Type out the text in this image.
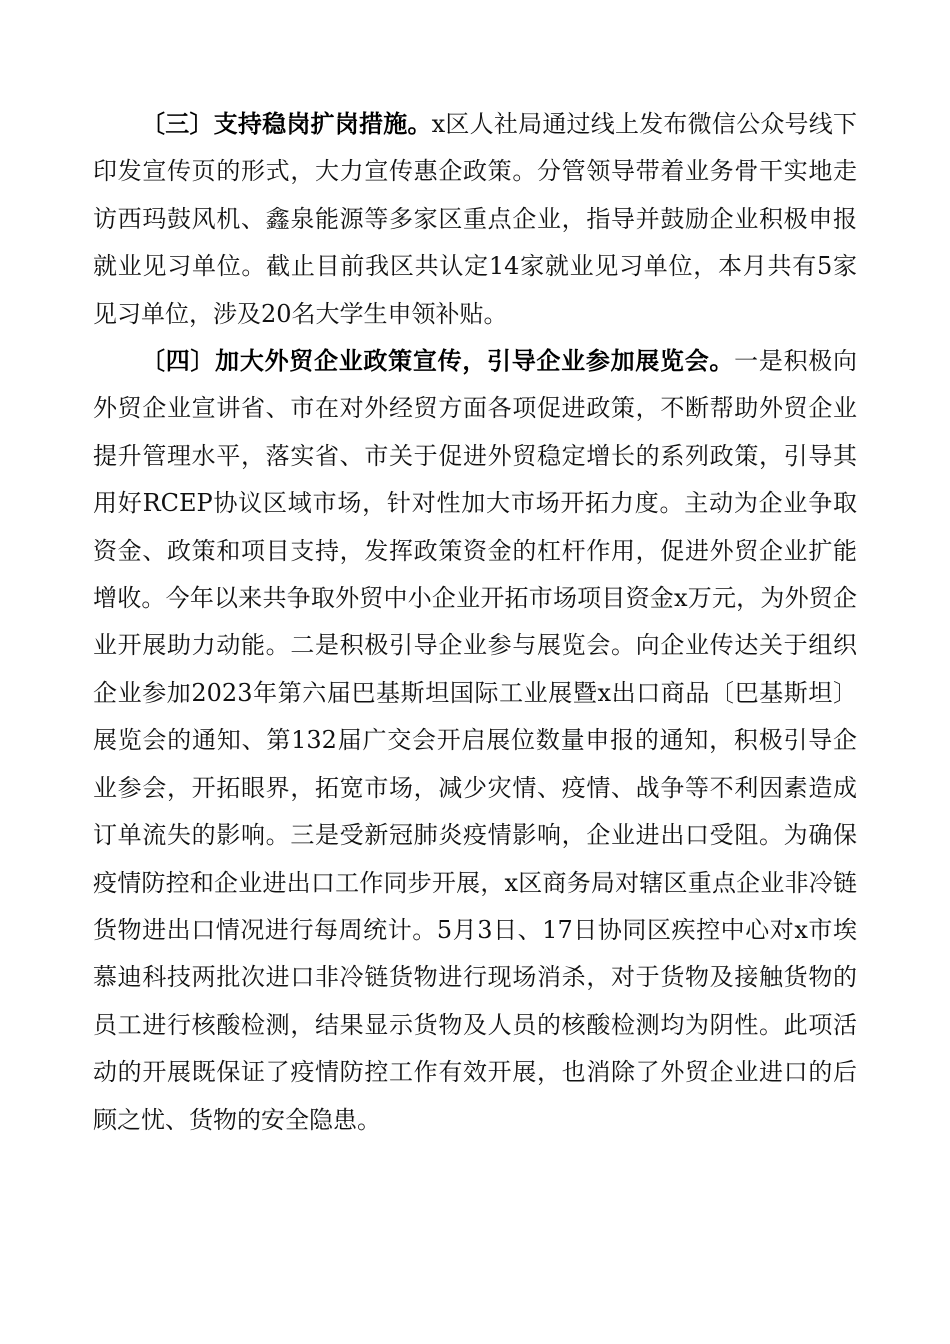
〔三〕支持稳岗扩岗措施。x区人社局通过线上发布微信公众号线下印发宣传页的形式，大力宣传惠企政策。分管领导带着业务骨干实地走访西玛鼓风机、鑫泉能源等多家区重点企业，指导并鼓励企业积极申报就业见习单位。截止目前我区共认定14家就业见习单位，本月共有5家见习单位，涉及20名大学生申领补贴。

〔四〕加大外贸企业政策宣传，引导企业参加展览会。一是积极向外贸企业宣讲省、市在对外经贸方面各项促进政策，不断帮助外贸企业提升管理水平，落实省、市关于促进外贸稳定增长的系列政策，引导其用好RCEP协议区域市场，针对性加大市场开拓力度。主动为企业争取资金、政策和项目支持，发挥政策资金的杠杆作用，促进外贸企业扩能增收。今年以来共争取外贸中小企业开拓市场项目资金x万元，为外贸企业开展助力动能。二是积极引导企业参与展览会。向企业传达关于组织企业参加2023年第六届巴基斯坦国际工业展暨x出口商品〔巴基斯坦〕展览会的通知、第132届广交会开启展位数量申报的通知，积极引导企业参会，开拓眼界，拓宽市场，减少灾情、疫情、战争等不利因素造成订单流失的影响。三是受新冠肺炎疫情影响，企业进出口受阻。为确保疫情防控和企业进出口工作同步开展，x区商务局对辖区重点企业非冷链货物进出口情况进行每周统计。5月3日、17日协同区疾控中心对x市埃慕迪科技两批次进口非冷链货物进行现场消杀，对于货物及接触货物的员工进行核酸检测，结果显示货物及人员的核酸检测均为阴性。此项活动的开展既保证了疫情防控工作有效开展，也消除了外贸企业进口的后顾之忧、货物的安全隐患。
